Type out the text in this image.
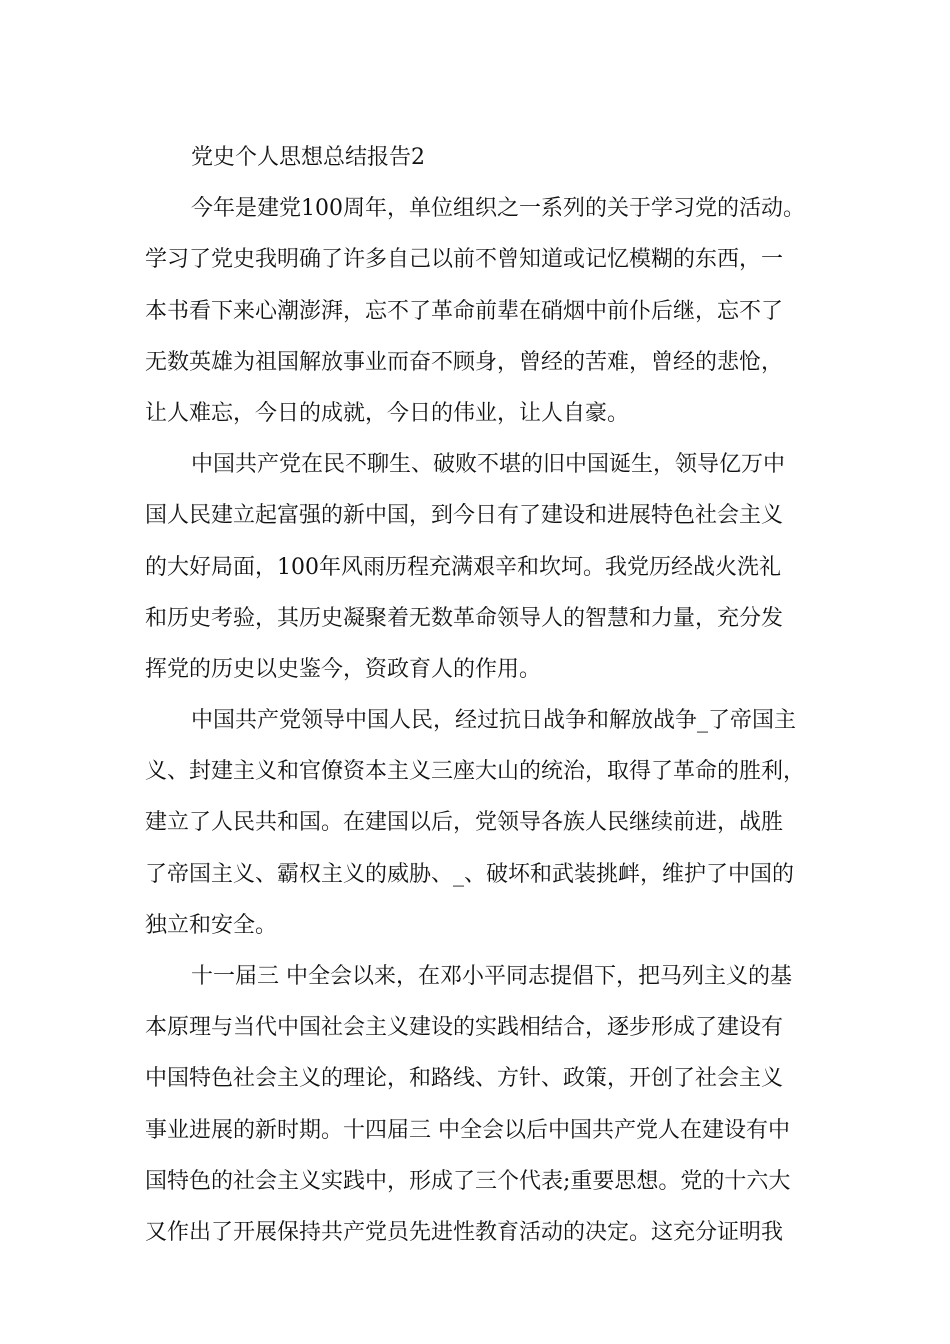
党史个人思想总结报告2
今年是建党100周年，单位组织之一系列的关于学习党的活动。
学习了党史我明确了许多自己以前不曾知道或记忆模糊的东西，一
本书看下来心潮澎湃，忘不了革命前辈在硝烟中前仆后继，忘不了
无数英雄为祖国解放事业而奋不顾身，曾经的苦难，曾经的悲怆，
让人难忘，今日的成就，今日的伟业，让人自豪。
中国共产党在民不聊生、破败不堪的旧中国诞生，领导亿万中
国人民建立起富强的新中国，到今日有了建设和进展特色社会主义
的大好局面，100年风雨历程充满艰辛和坎坷。我党历经战火洗礼
和历史考验，其历史凝聚着无数革命领导人的智慧和力量，充分发
挥党的历史以史鉴今，资政育人的作用。
中国共产党领导中国人民，经过抗日战争和解放战争_了帝国主
义、封建主义和官僚资本主义三座大山的统治，取得了革命的胜利，
建立了人民共和国。在建国以后，党领导各族人民继续前进，战胜
了帝国主义、霸权主义的威胁、_、破坏和武装挑衅，维护了中国的
独立和安全。
十一届三 中全会以来，在邓小平同志提倡下，把马列主义的基
本原理与当代中国社会主义建设的实践相结合，逐步形成了建设有
中国特色社会主义的理论，和路线、方针、政策，开创了社会主义
事业进展的新时期。十四届三 中全会以后中国共产党人在建设有中
国特色的社会主义实践中，形成了三个代表;重要思想。党的十六大
又作出了开展保持共产党员先进性教育活动的决定。这充分证明我
